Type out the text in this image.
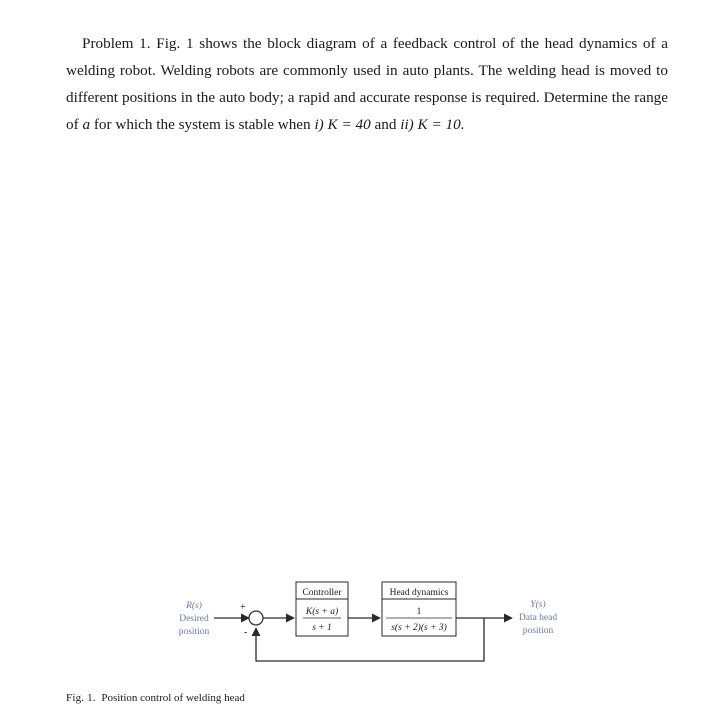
Problem 1. Fig. 1 shows the block diagram of a feedback control of the head dynamics of a welding robot. Welding robots are commonly used in auto plants. The welding head is moved to different positions in the auto body; a rapid and accurate response is required. Determine the range of a for which the system is stable when i) K = 40 and ii) K = 10.

R(s)
Desired
position
+
-
Controller
K(s + a)
s + 1
Head dynamics
1
s(s + 2)(s + 3)
Y(s)
Data head
position

Fig. 1. Position control of welding head
